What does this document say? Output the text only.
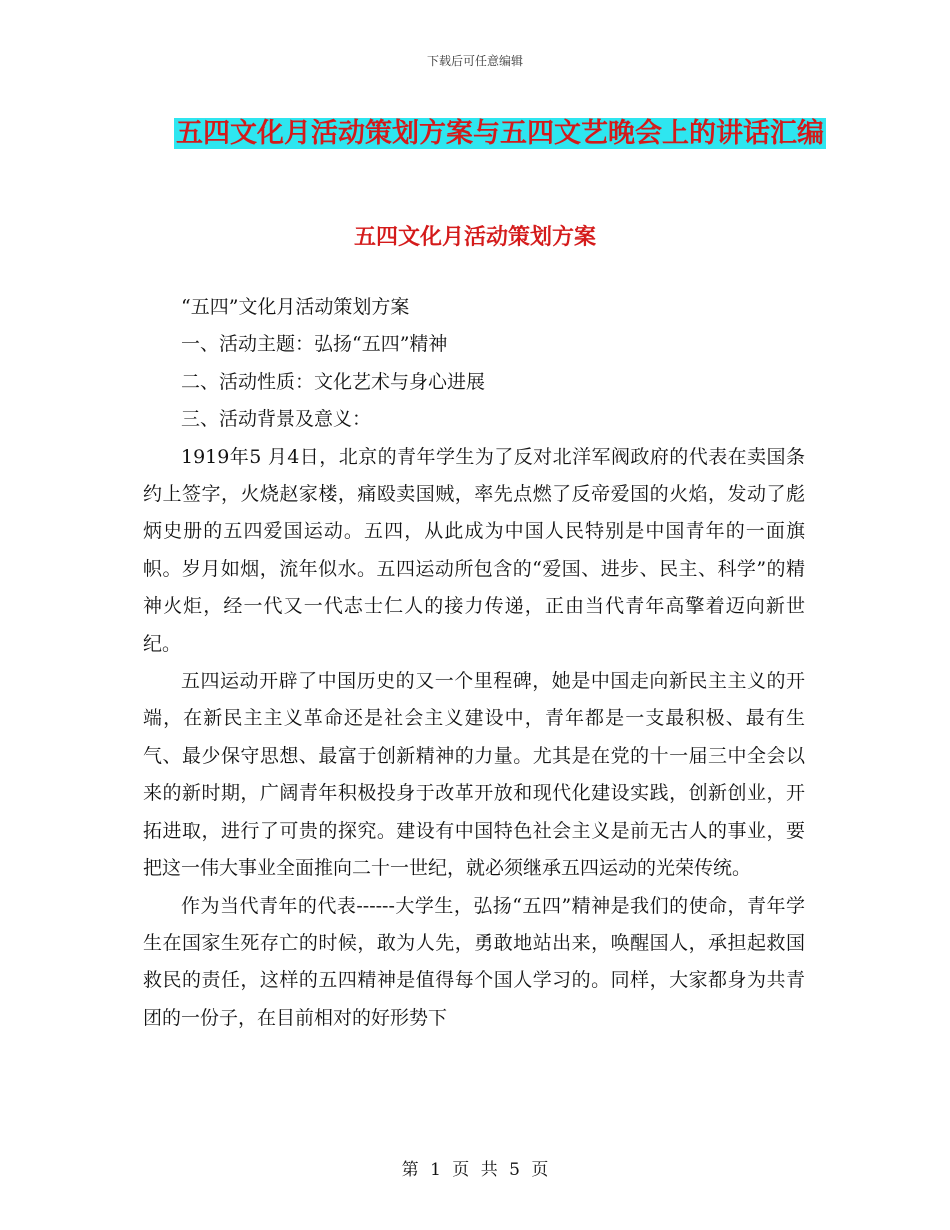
下载后可任意编辑
五四文化月活动策划方案与五四文艺晚会上的讲话汇编
五四文化月活动策划方案

“五四”文化月活动策划方案

一、活动主题：弘扬“五四”精神

二、活动性质：文化艺术与身心进展

三、活动背景及意义：

1919年5 月4日，北京的青年学生为了反对北洋军阀政府的代表在卖国条约上签字，火烧赵家楼，痛殴卖国贼，率先点燃了反帝爱国的火焰，发动了彪炳史册的五四爱国运动。五四，从此成为中国人民特别是中国青年的一面旗帜。岁月如烟，流年似水。五四运动所包含的“爱国、进步、民主、科学”的精神火炬，经一代又一代志士仁人的接力传递，正由当代青年高擎着迈向新世纪。

五四运动开辟了中国历史的又一个里程碑，她是中国走向新民主主义的开端，在新民主主义革命还是社会主义建设中，青年都是一支最积极、最有生气、最少保守思想、最富于创新精神的力量。尤其是在党的十一届三中全会以来的新时期，广阔青年积极投身于改革开放和现代化建设实践，创新创业，开拓进取，进行了可贵的探究。建设有中国特色社会主义是前无古人的事业，要把这一伟大事业全面推向二十一世纪，就必须继承五四运动的光荣传统。

作为当代青年的代表------大学生，弘扬“五四”精神是我们的使命，青年学生在国家生死存亡的时候，敢为人先，勇敢地站出来，唤醒国人，承担起救国救民的责任，这样的五四精神是值得每个国人学习的。同样，大家都身为共青团的一份子，在目前相对的好形势下

第 1 页 共 5 页
